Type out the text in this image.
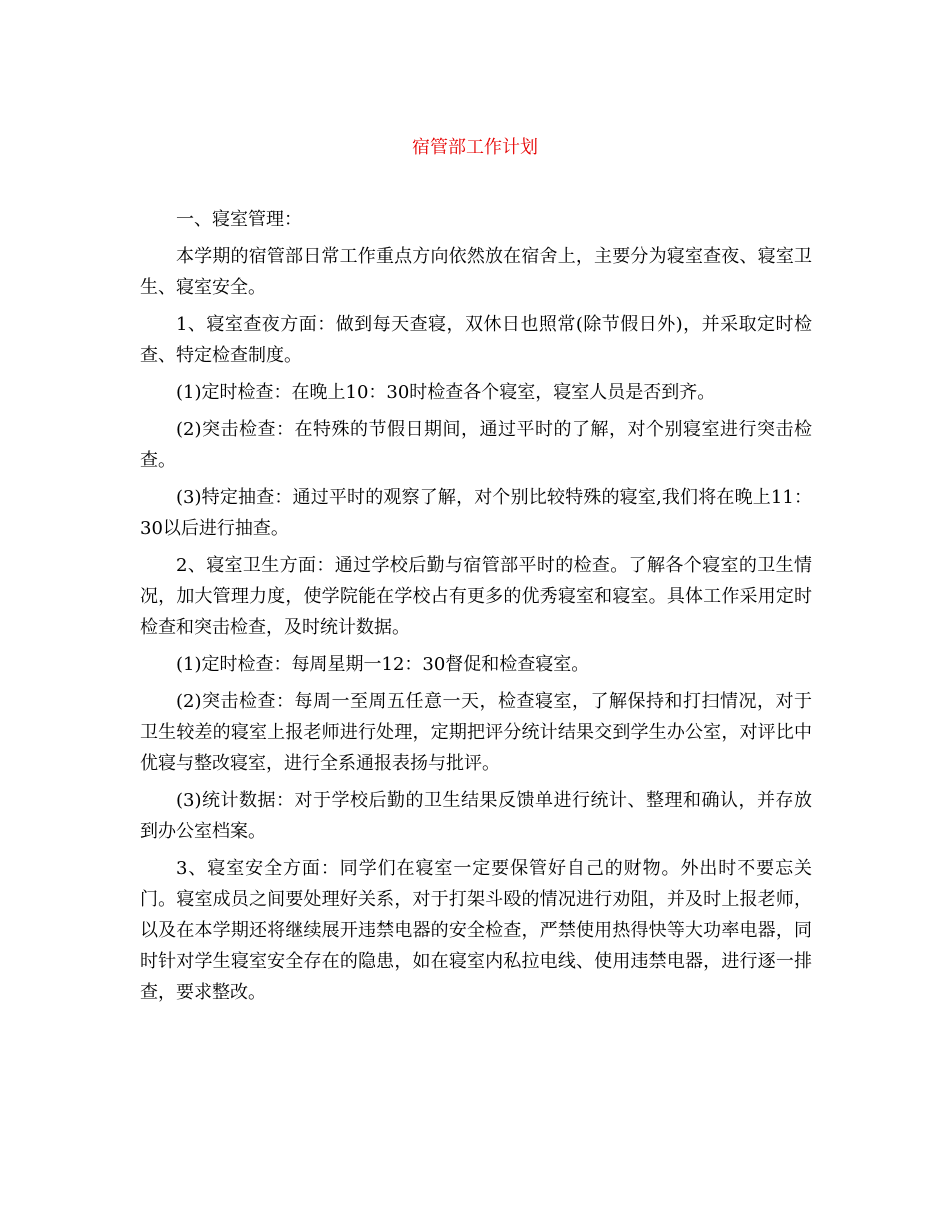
宿管部工作计划

一、寝室管理：

本学期的宿管部日常工作重点方向依然放在宿舍上，主要分为寝室查夜、寝室卫生、寝室安全。

1、寝室查夜方面：做到每天查寝，双休日也照常(除节假日外)，并采取定时检查、特定检查制度。

(1)定时检查：在晚上10：30时检查各个寝室，寝室人员是否到齐。

(2)突击检查：在特殊的节假日期间，通过平时的了解，对个别寝室进行突击检查。

(3)特定抽查：通过平时的观察了解，对个别比较特殊的寝室,我们将在晚上11：30以后进行抽查。

2、寝室卫生方面：通过学校后勤与宿管部平时的检查。了解各个寝室的卫生情况，加大管理力度，使学院能在学校占有更多的优秀寝室和寝室。具体工作采用定时检查和突击检查，及时统计数据。

(1)定时检查：每周星期一12：30督促和检查寝室。

(2)突击检查：每周一至周五任意一天，检查寝室，了解保持和打扫情况，对于卫生较差的寝室上报老师进行处理，定期把评分统计结果交到学生办公室，对评比中优寝与整改寝室，进行全系通报表扬与批评。

(3)统计数据：对于学校后勤的卫生结果反馈单进行统计、整理和确认，并存放到办公室档案。

3、寝室安全方面：同学们在寝室一定要保管好自己的财物。外出时不要忘关门。寝室成员之间要处理好关系，对于打架斗殴的情况进行劝阻，并及时上报老师，以及在本学期还将继续展开违禁电器的安全检查，严禁使用热得快等大功率电器，同时针对学生寝室安全存在的隐患，如在寝室内私拉电线、使用违禁电器，进行逐一排查，要求整改。
